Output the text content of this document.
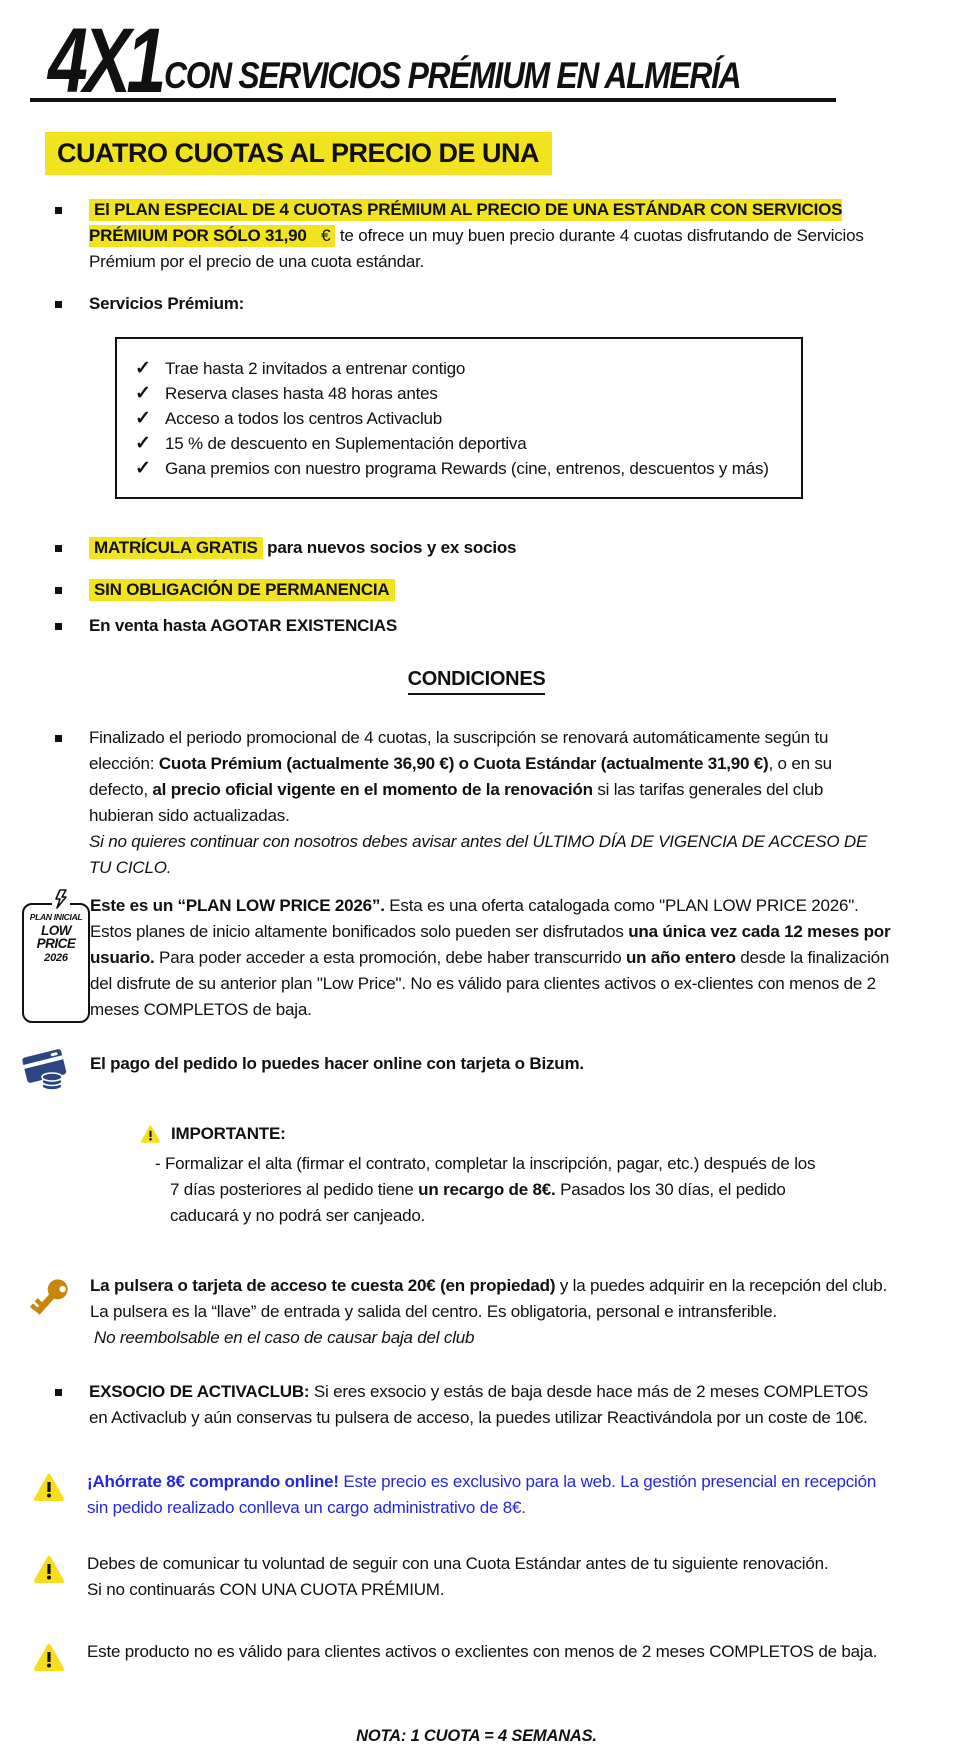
4X1 CON SERVICIOS PRÉMIUM EN ALMERÍA
CUATRO CUOTAS AL PRECIO DE UNA
El PLAN ESPECIAL DE 4 CUOTAS PRÉMIUM AL PRECIO DE UNA ESTÁNDAR CON SERVICIOS PRÉMIUM POR SÓLO 31,90 € te ofrece un muy buen precio durante 4 cuotas disfrutando de Servicios Prémium por el precio de una cuota estándar.
Servicios Prémium:
✓ Trae hasta 2 invitados a entrenar contigo
✓ Reserva clases hasta 48 horas antes
✓ Acceso a todos los centros Activaclub
✓ 15 % de descuento en Suplementación deportiva
✓ Gana premios con nuestro programa Rewards (cine, entrenos, descuentos y más)
MATRÍCULA GRATIS para nuevos socios y ex socios
SIN OBLIGACIÓN DE PERMANENCIA
En venta hasta AGOTAR EXISTENCIAS
CONDICIONES
Finalizado el periodo promocional de 4 cuotas, la suscripción se renovará automáticamente según tu elección: Cuota Prémium (actualmente 36,90 €) o Cuota Estándar (actualmente 31,90 €), o en su defecto, al precio oficial vigente en el momento de la renovación si las tarifas generales del club hubieran sido actualizadas.
Si no quieres continuar con nosotros debes avisar antes del ÚLTIMO DÍA DE VIGENCIA DE ACCESO DE TU CICLO.
PLAN INICIAL
LOW PRICE
2026
Este es un “PLAN LOW PRICE 2026”. Esta es una oferta catalogada como "PLAN LOW PRICE 2026". Estos planes de inicio altamente bonificados solo pueden ser disfrutados una única vez cada 12 meses por usuario. Para poder acceder a esta promoción, debe haber transcurrido un año entero desde la finalización del disfrute de su anterior plan "Low Price". No es válido para clientes activos o ex-clientes con menos de 2 meses COMPLETOS de baja.
El pago del pedido lo puedes hacer online con tarjeta o Bizum.
IMPORTANTE:
- Formalizar el alta (firmar el contrato, completar la inscripción, pagar, etc.) después de los 7 días posteriores al pedido tiene un recargo de 8€. Pasados los 30 días, el pedido caducará y no podrá ser canjeado.
La pulsera o tarjeta de acceso te cuesta 20€ (en propiedad) y la puedes adquirir en la recepción del club. La pulsera es la “llave” de entrada y salida del centro. Es obligatoria, personal e intransferible.
No reembolsable en el caso de causar baja del club
EXSOCIO DE ACTIVACLUB: Si eres exsocio y estás de baja desde hace más de 2 meses COMPLETOS en Activaclub y aún conservas tu pulsera de acceso, la puedes utilizar Reactivándola por un coste de 10€.
¡Ahórrate 8€ comprando online! Este precio es exclusivo para la web. La gestión presencial en recepción sin pedido realizado conlleva un cargo administrativo de 8€.
Debes de comunicar tu voluntad de seguir con una Cuota Estándar antes de tu siguiente renovación.
Si no continuarás CON UNA CUOTA PRÉMIUM.
Este producto no es válido para clientes activos o exclientes con menos de 2 meses COMPLETOS de baja.
NOTA: 1 CUOTA = 4 SEMANAS.
